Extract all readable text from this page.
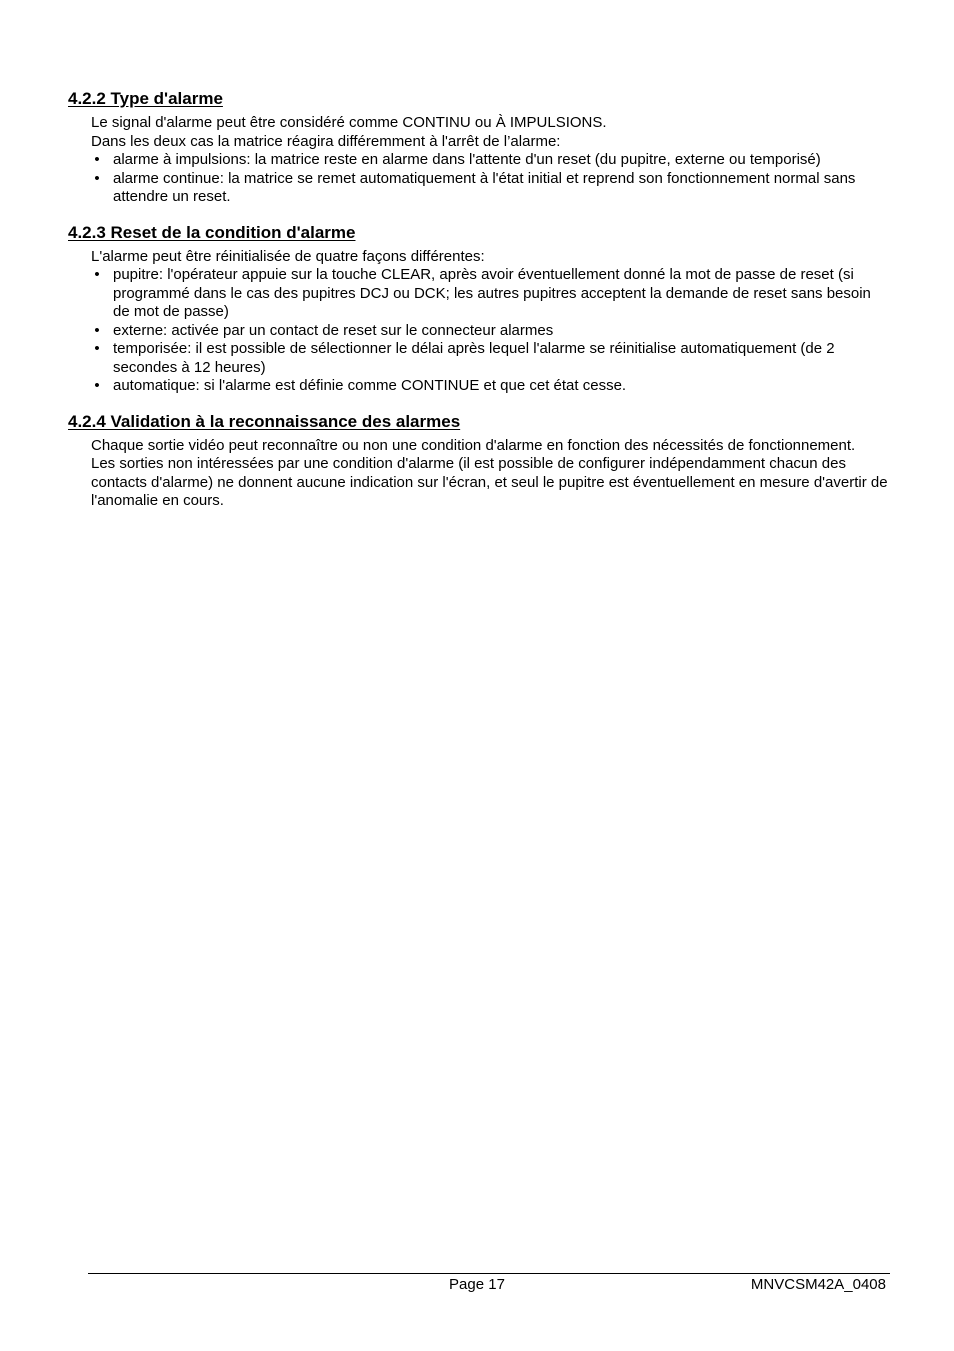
4.2.2 Type d'alarme

Le signal d'alarme peut être considéré comme CONTINU ou À IMPULSIONS.

Dans les deux cas la matrice réagira différemment à l'arrêt de l’alarme:

• alarme à impulsions: la matrice reste en alarme dans l'attente d'un reset (du pupitre, externe ou temporisé)
• alarme continue: la matrice se remet automatiquement à l'état initial et reprend son fonctionnement normal sans attendre un reset.
4.2.3 Reset de la condition d'alarme

L'alarme peut être réinitialisée de quatre façons différentes:

• pupitre: l'opérateur appuie sur la touche CLEAR, après avoir éventuellement donné la mot de passe de reset (si programmé dans le cas des pupitres DCJ ou DCK; les autres pupitres acceptent la demande de reset sans besoin de mot de passe)
• externe: activée par un contact de reset sur le connecteur alarmes
• temporisée: il est possible de sélectionner le délai après lequel l'alarme se réinitialise automatiquement (de 2 secondes à 12 heures)
• automatique: si l'alarme est définie comme CONTINUE et que cet état cesse.
4.2.4 Validation à la reconnaissance des alarmes

Chaque sortie vidéo peut reconnaître ou non une condition d'alarme en fonction des nécessités de fonctionnement.

Les sorties non intéressées par une condition d'alarme (il est possible de configurer indépendamment chacun des contacts d'alarme) ne donnent aucune indication sur l'écran, et seul le pupitre est éventuellement en mesure d'avertir de l'anomalie en cours.

Page 17	MNVCSM42A_0408
